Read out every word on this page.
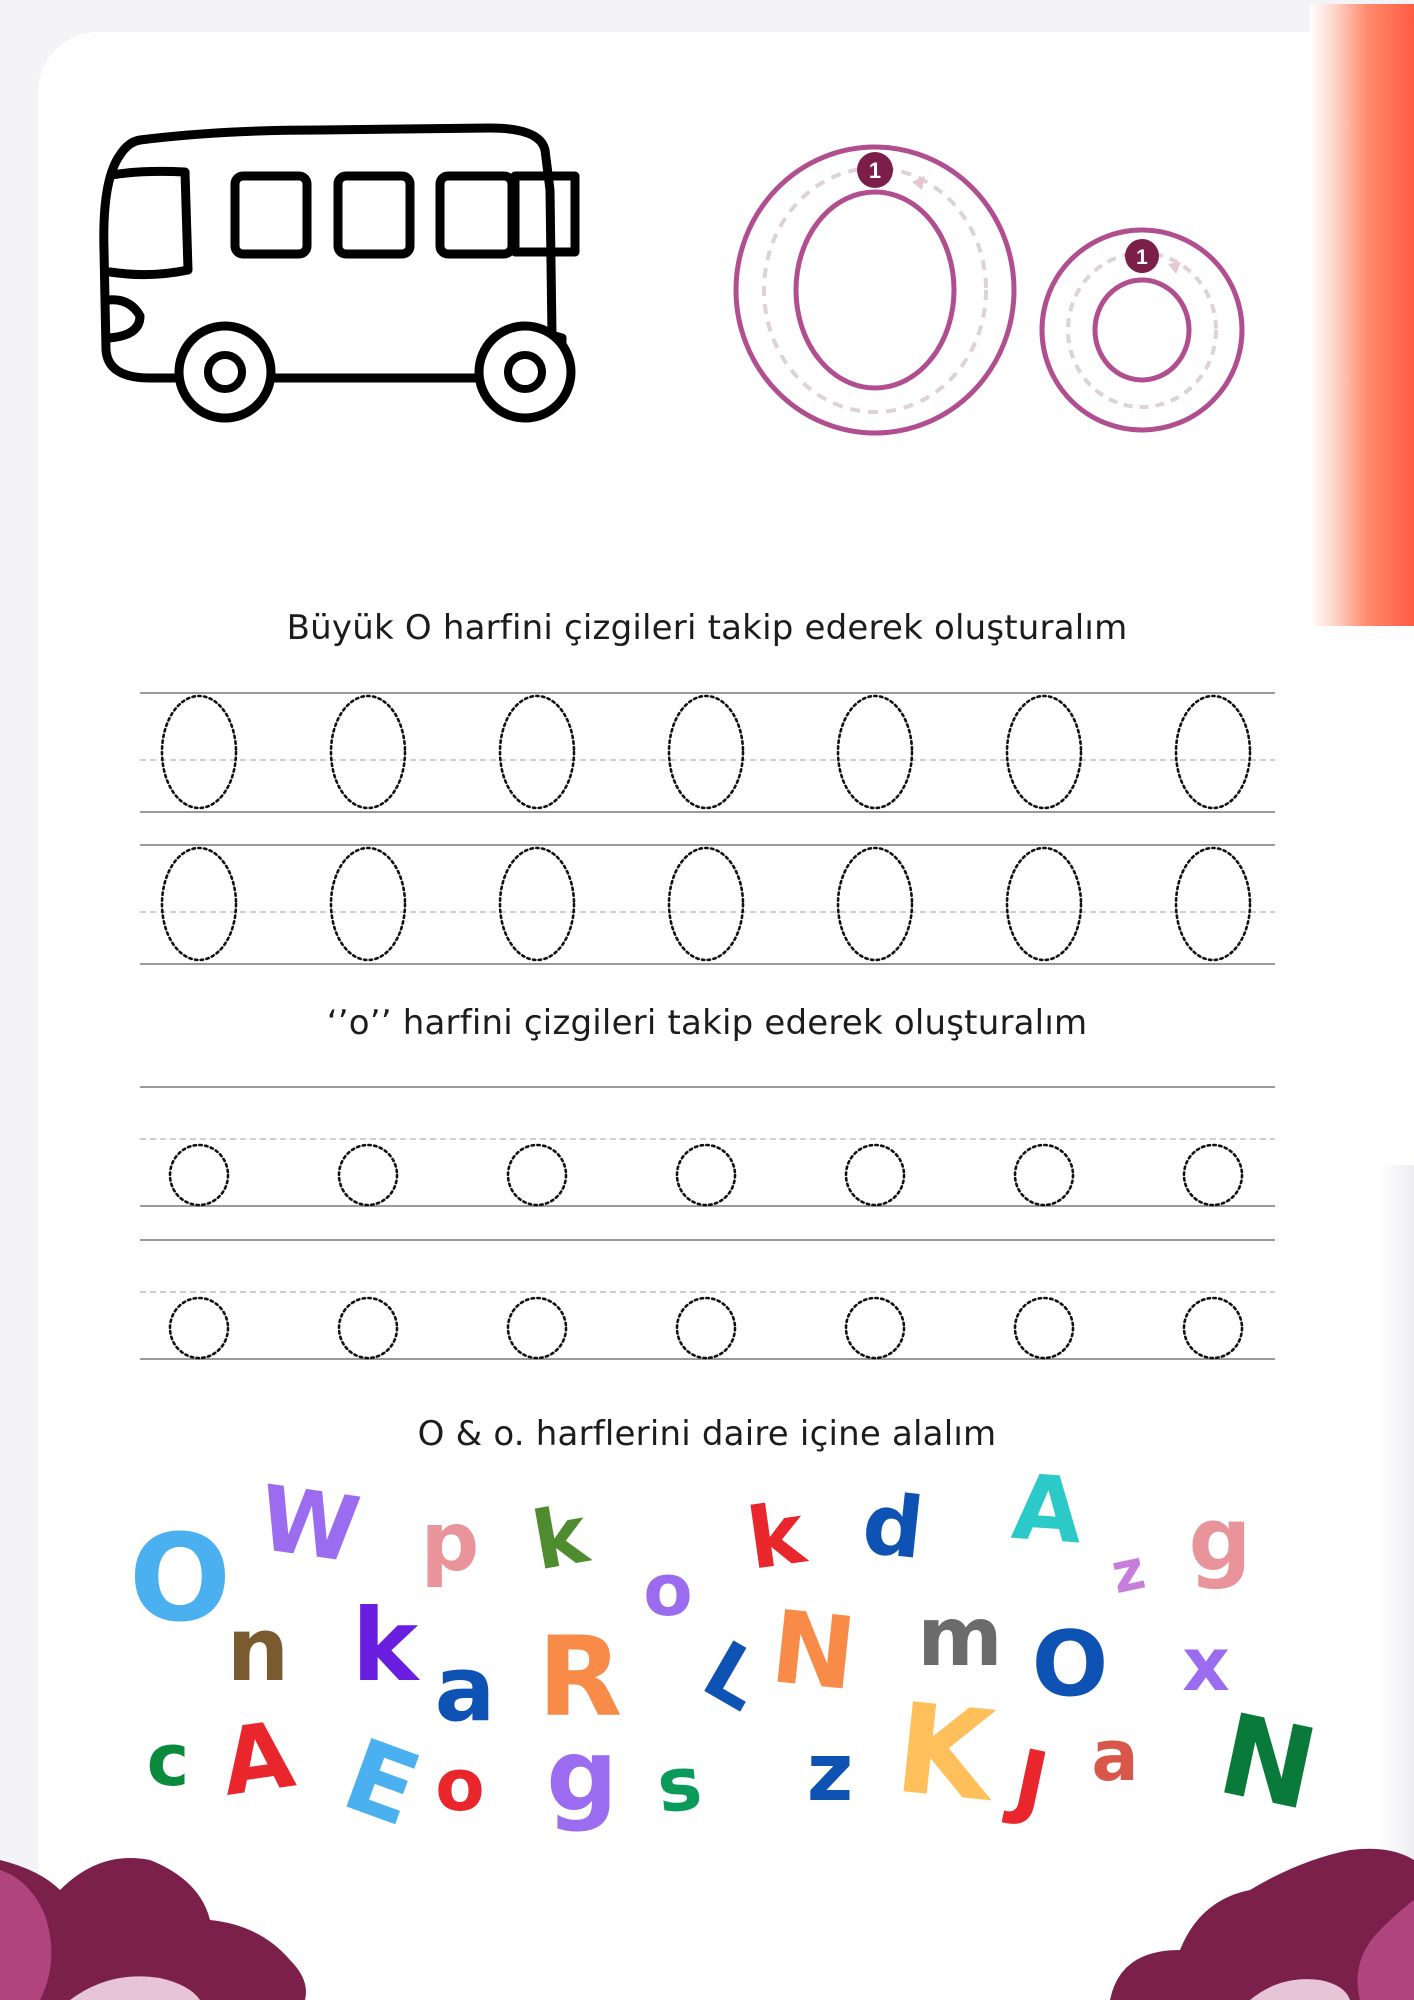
1
1
Büyük O harfini çizgileri takip ederek oluşturalım
‘’o’’ harfini çizgileri takip ederek oluşturalım
O & o. harflerini daire içine alalım
O W p k
o
k d A
z g
n k a R L
N m O x
c A E o g s z K J a N
